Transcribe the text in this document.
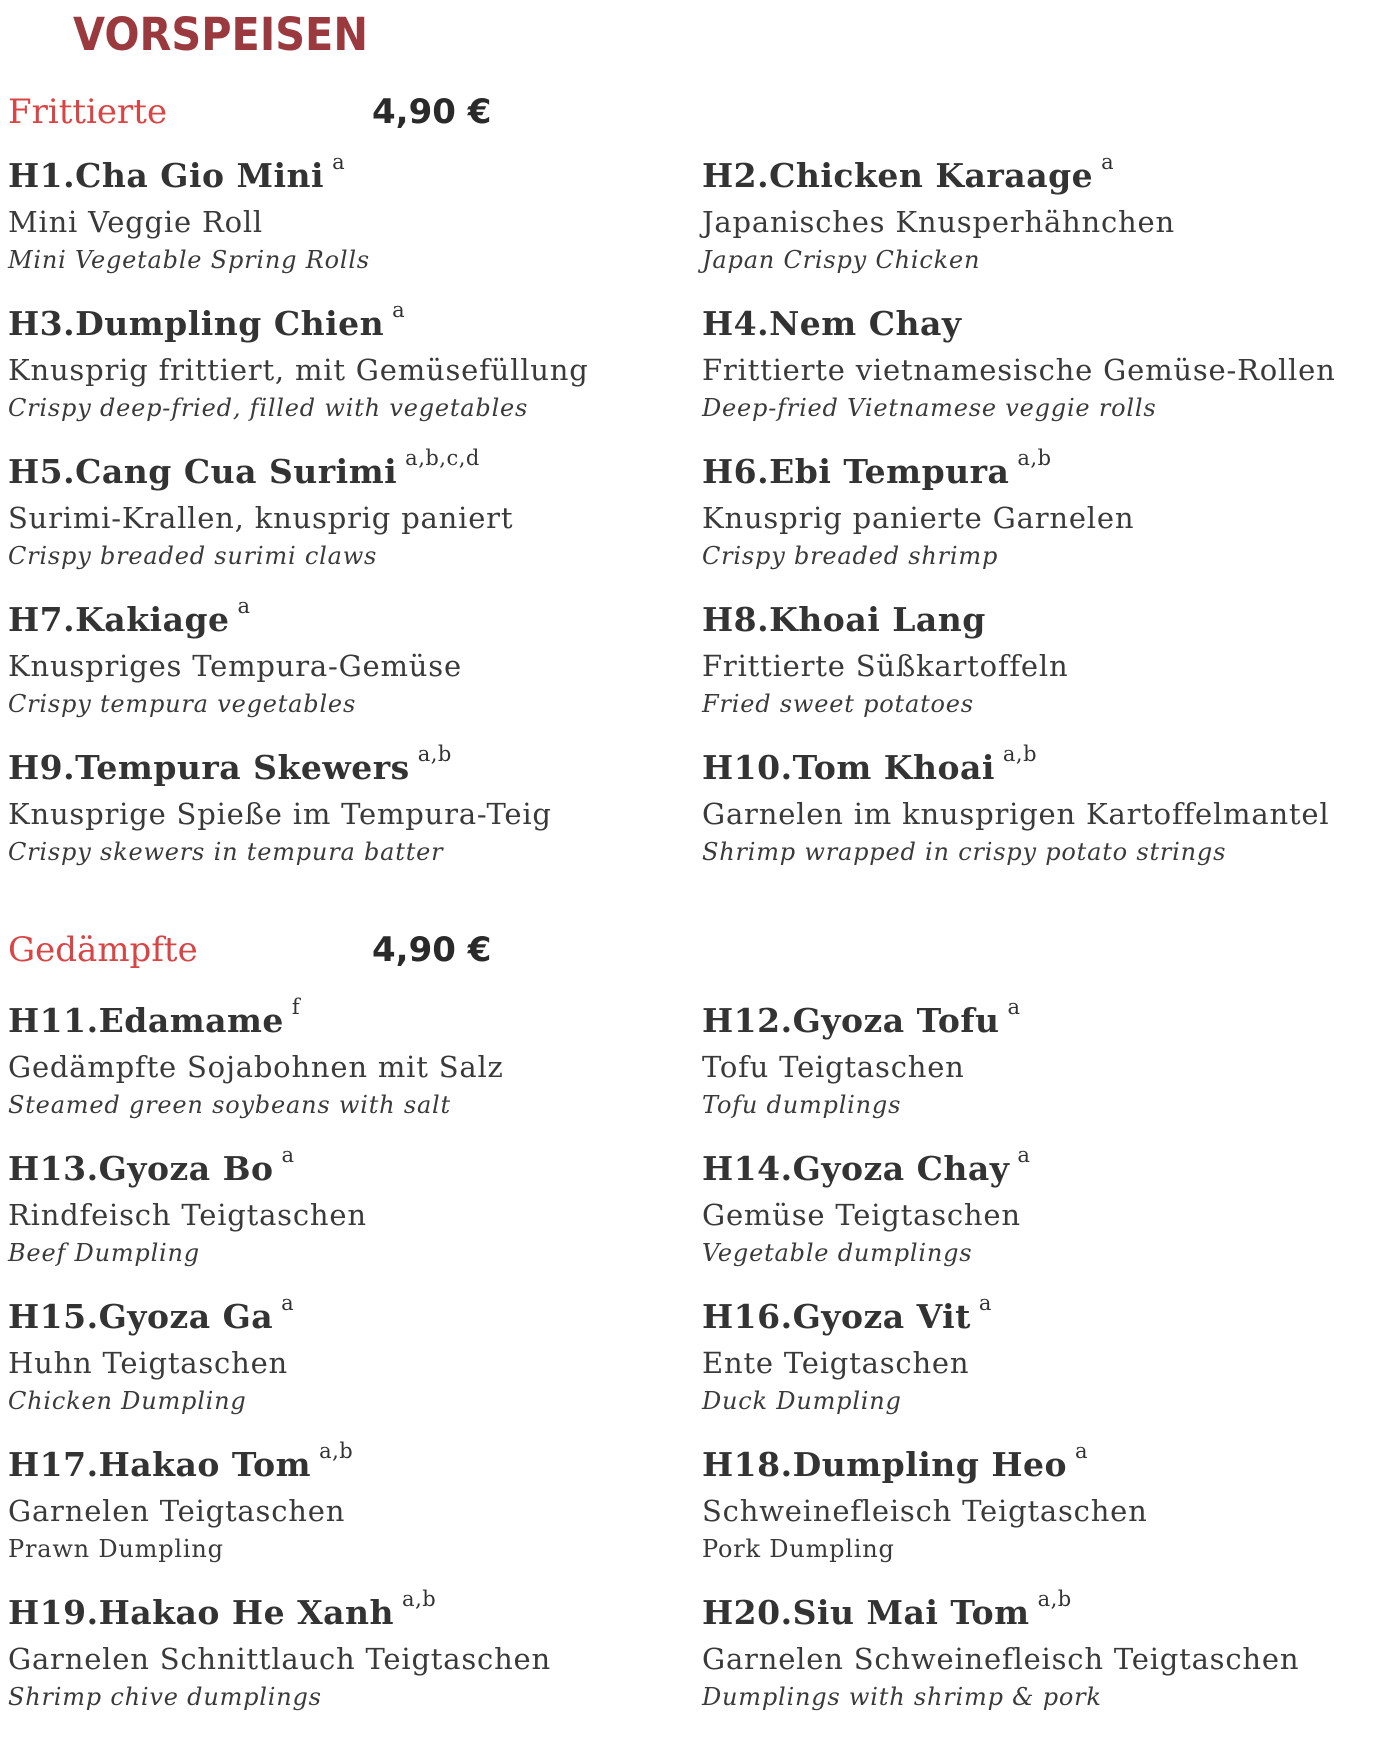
VORSPEISEN
Frittierte	4,90 €
H1.Cha Gio Mini $^a$
Mini Veggie Roll
Mini Vegetable Spring Rolls
H2.Chicken Karaage $^a$
Japanisches Knusperhähnchen
Japan Crispy Chicken
H3.Dumpling Chien $^a$
Knusprig frittiert, mit Gemüsefüllung
Crispy deep-fried, filled with vegetables
H4.Nem Chay
Frittierte vietnamesische Gemüse-Rollen
Deep-fried Vietnamese veggie rolls
H5.Cang Cua Surimi $^{a,b,c,d}$
Surimi-Krallen, knusprig paniert
Crispy breaded surimi claws
H6.Ebi Tempura $^{a,b}$
Knusprig panierte Garnelen
Crispy breaded shrimp
H7.Kakiage $^a$
Knuspriges Tempura-Gemüse
Crispy tempura vegetables
H8.Khoai Lang
Frittierte Süßkartoffeln
Fried sweet potatoes
H9.Tempura Skewers $^{a,b}$
Knusprige Spieße im Tempura-Teig
Crispy skewers in tempura batter
H10.Tom Khoai $^{a,b}$
Garnelen im knusprigen Kartoffelmantel
Shrimp wrapped in crispy potato strings
Gedämpfte	4,90 €
H11.Edamame $^f$
Gedämpfte Sojabohnen mit Salz
Steamed green soybeans with salt
H12.Gyoza Tofu $^a$
Tofu Teigtaschen
Tofu dumplings
H13.Gyoza Bo $^a$
Rindfeisch Teigtaschen
Beef Dumpling
H14.Gyoza Chay $^a$
Gemüse Teigtaschen
Vegetable dumplings
H15.Gyoza Ga $^a$
Huhn Teigtaschen
Chicken Dumpling
H16.Gyoza Vit $^a$
Ente Teigtaschen
Duck Dumpling
H17.Hakao Tom $^{a,b}$
Garnelen Teigtaschen
Prawn Dumpling
H18.Dumpling Heo $^a$
Schweinefleisch Teigtaschen
Pork Dumpling
H19.Hakao He Xanh $^{a,b}$
Garnelen Schnittlauch Teigtaschen
Shrimp chive dumplings
H20.Siu Mai Tom $^{a,b}$
Garnelen Schweinefleisch Teigtaschen
Dumplings with shrimp & pork
